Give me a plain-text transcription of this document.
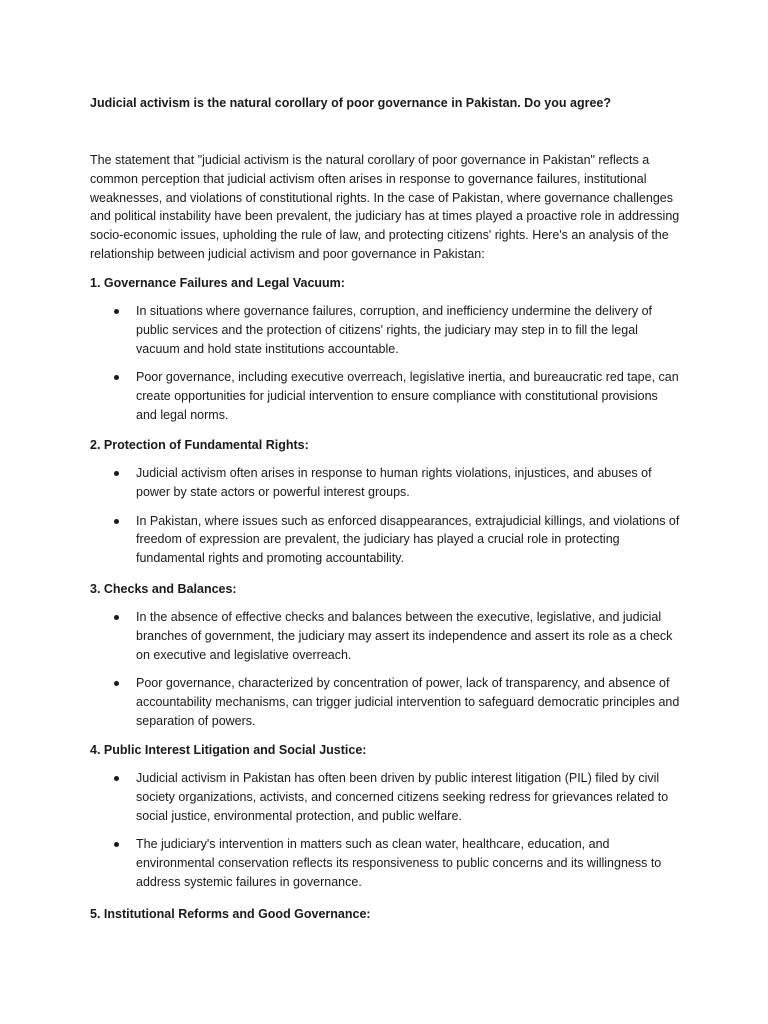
Judicial activism is the natural corollary of poor governance in Pakistan. Do you agree?

The statement that "judicial activism is the natural corollary of poor governance in Pakistan" reflects a common perception that judicial activism often arises in response to governance failures, institutional weaknesses, and violations of constitutional rights. In the case of Pakistan, where governance challenges and political instability have been prevalent, the judiciary has at times played a proactive role in addressing socio-economic issues, upholding the rule of law, and protecting citizens' rights. Here's an analysis of the relationship between judicial activism and poor governance in Pakistan:

1. Governance Failures and Legal Vacuum:

In situations where governance failures, corruption, and inefficiency undermine the delivery of public services and the protection of citizens' rights, the judiciary may step in to fill the legal vacuum and hold state institutions accountable.
Poor governance, including executive overreach, legislative inertia, and bureaucratic red tape, can create opportunities for judicial intervention to ensure compliance with constitutional provisions and legal norms.

2. Protection of Fundamental Rights:

Judicial activism often arises in response to human rights violations, injustices, and abuses of power by state actors or powerful interest groups.
In Pakistan, where issues such as enforced disappearances, extrajudicial killings, and violations of freedom of expression are prevalent, the judiciary has played a crucial role in protecting fundamental rights and promoting accountability.

3. Checks and Balances:

In the absence of effective checks and balances between the executive, legislative, and judicial branches of government, the judiciary may assert its independence and assert its role as a check on executive and legislative overreach.
Poor governance, characterized by concentration of power, lack of transparency, and absence of accountability mechanisms, can trigger judicial intervention to safeguard democratic principles and separation of powers.

4. Public Interest Litigation and Social Justice:

Judicial activism in Pakistan has often been driven by public interest litigation (PIL) filed by civil society organizations, activists, and concerned citizens seeking redress for grievances related to social justice, environmental protection, and public welfare.
The judiciary's intervention in matters such as clean water, healthcare, education, and environmental conservation reflects its responsiveness to public concerns and its willingness to address systemic failures in governance.

5. Institutional Reforms and Good Governance:
